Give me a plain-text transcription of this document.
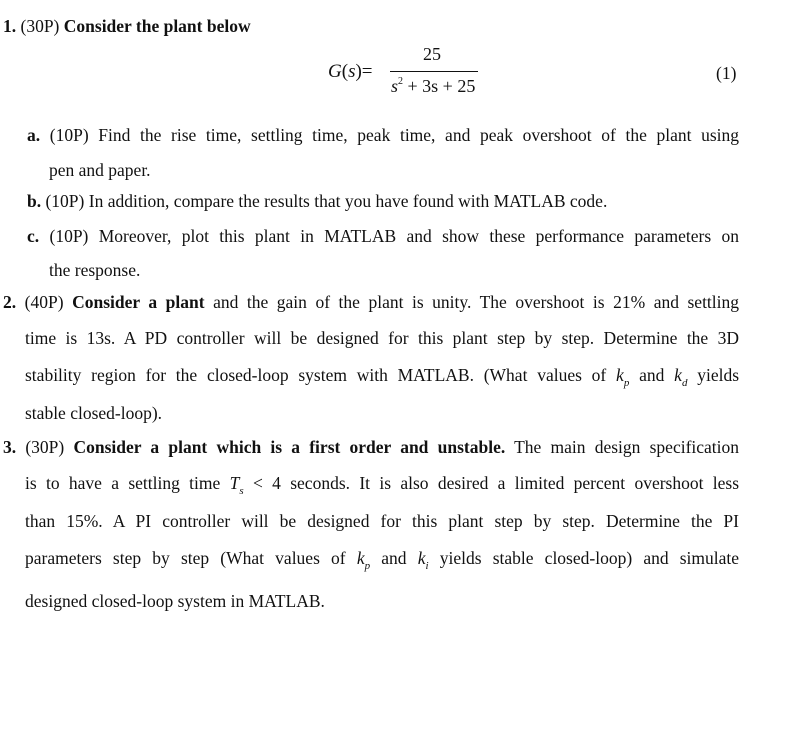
1. (30P) Consider the plant below
G(s)=
25
$s^2 + 3s + 25$
(1)
a. (10P) Find the rise time, settling time, peak time, and peak overshoot of the plant using
pen and paper.
b. (10P) In addition, compare the results that you have found with MATLAB code.
c. (10P) Moreover, plot this plant in MATLAB and show these performance parameters on
the response.
2. (40P) Consider a plant and the gain of the plant is unity. The overshoot is 21% and settling
time is 13s. A PD controller will be designed for this plant step by step. Determine the 3D
stability region for the closed-loop system with MATLAB. (What values of $k_p$ and $k_d$ yields
stable closed-loop).
3. (30P) Consider a plant which is a first order and unstable. The main design specification
is to have a settling time $T_s < 4$ seconds. It is also desired a limited percent overshoot less
than 15%. A PI controller will be designed for this plant step by step. Determine the PI
parameters step by step (What values of $k_p$ and $k_i$ yields stable closed-loop) and simulate
designed closed-loop system in MATLAB.
